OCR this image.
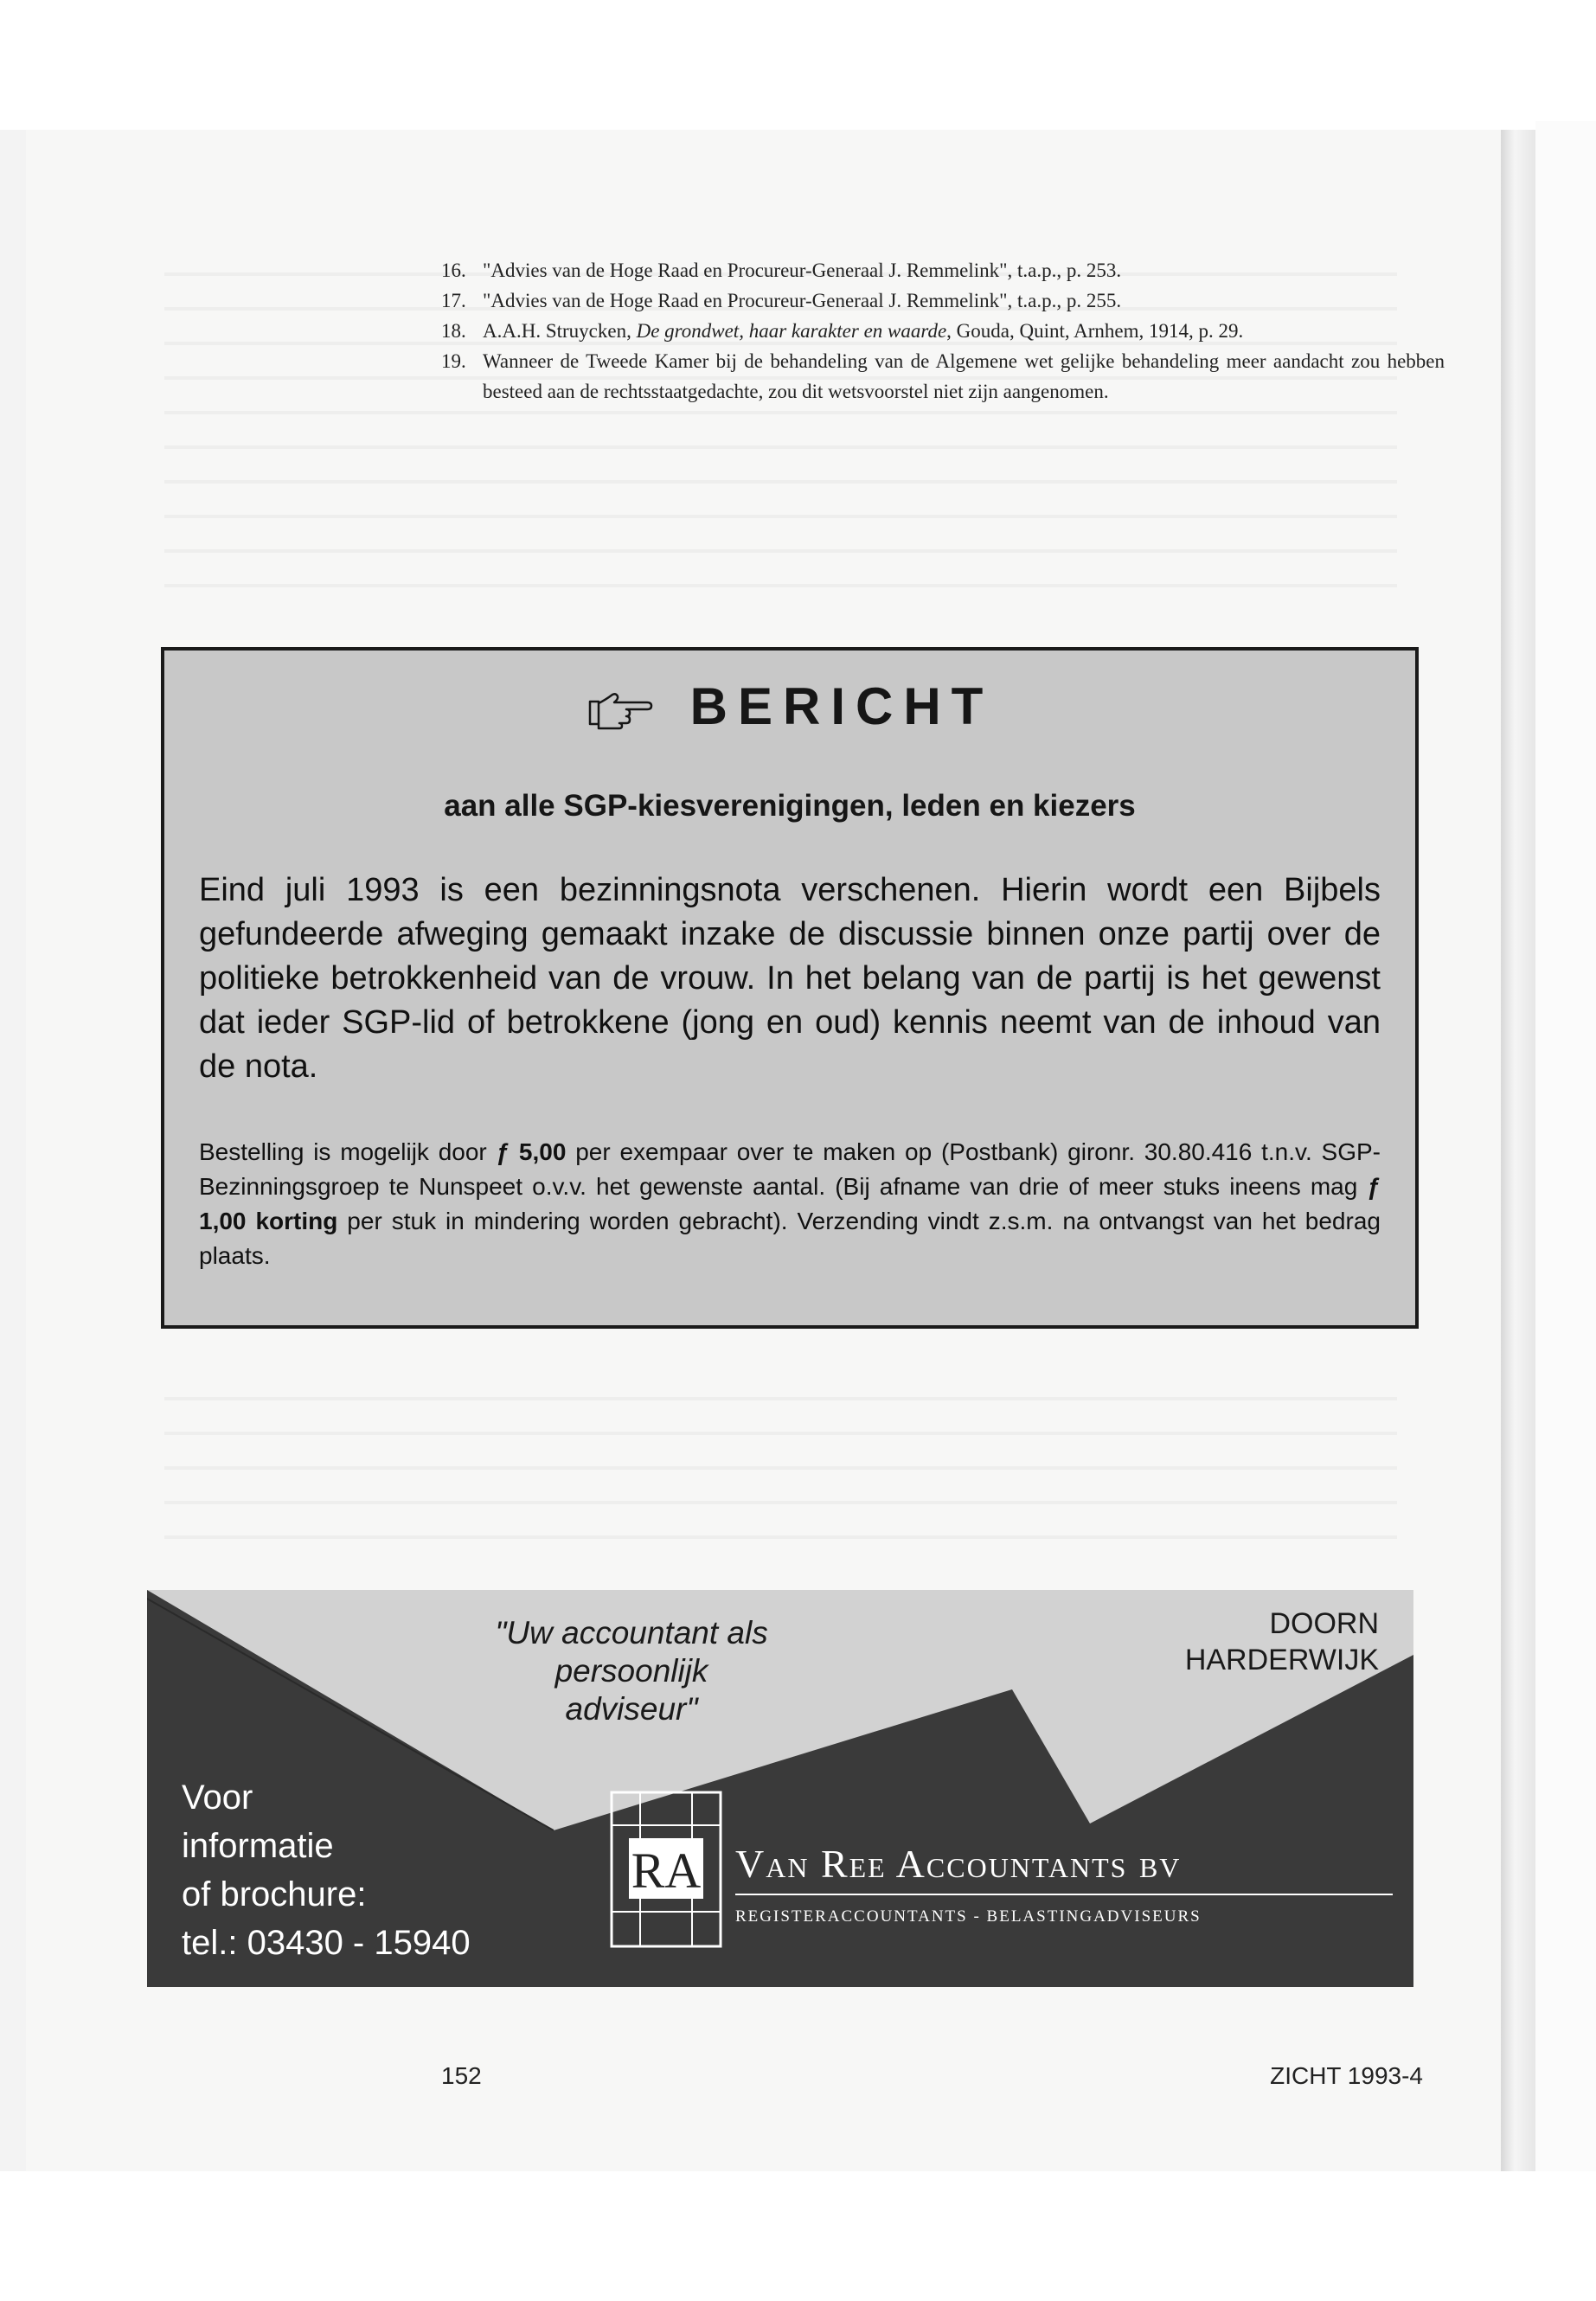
16. "Advies van de Hoge Raad en Procureur-Generaal J. Remmelink", t.a.p., p. 253.
17. "Advies van de Hoge Raad en Procureur-Generaal J. Remmelink", t.a.p., p. 255.
18. A.A.H. Struycken, De grondwet, haar karakter en waarde, Gouda, Quint, Arnhem, 1914, p. 29.
19. Wanneer de Tweede Kamer bij de behandeling van de Algemene wet gelijke behandeling meer aandacht zou hebben besteed aan de rechtsstaatgedachte, zou dit wetsvoorstel niet zijn aangenomen.
BERICHT
aan alle SGP-kiesverenigingen, leden en kiezers
Eind juli 1993 is een bezinningsnota verschenen. Hierin wordt een Bijbels gefundeerde afweging gemaakt inzake de discussie binnen onze partij over de politieke betrokkenheid van de vrouw. In het belang van de partij is het gewenst dat ieder SGP-lid of betrokkene (jong en oud) kennis neemt van de inhoud van de nota.
Bestelling is mogelijk door ƒ 5,00 per exempaar over te maken op (Postbank) gironr. 30.80.416 t.n.v. SGP-Bezinningsgroep te Nunspeet o.v.v. het gewenste aantal. (Bij afname van drie of meer stuks ineens mag ƒ 1,00 korting per stuk in mindering worden gebracht). Verzending vindt z.s.m. na ontvangst van het bedrag plaats.
"Uw accountant als
persoonlijk
adviseur"
DOORN
HARDERWIJK
Voor
informatie
of brochure:
tel.: 03430 - 15940
RA Van Ree Accountants bv
REGISTERACCOUNTANTS - BELASTINGADVISEURS
152	ZICHT 1993-4
